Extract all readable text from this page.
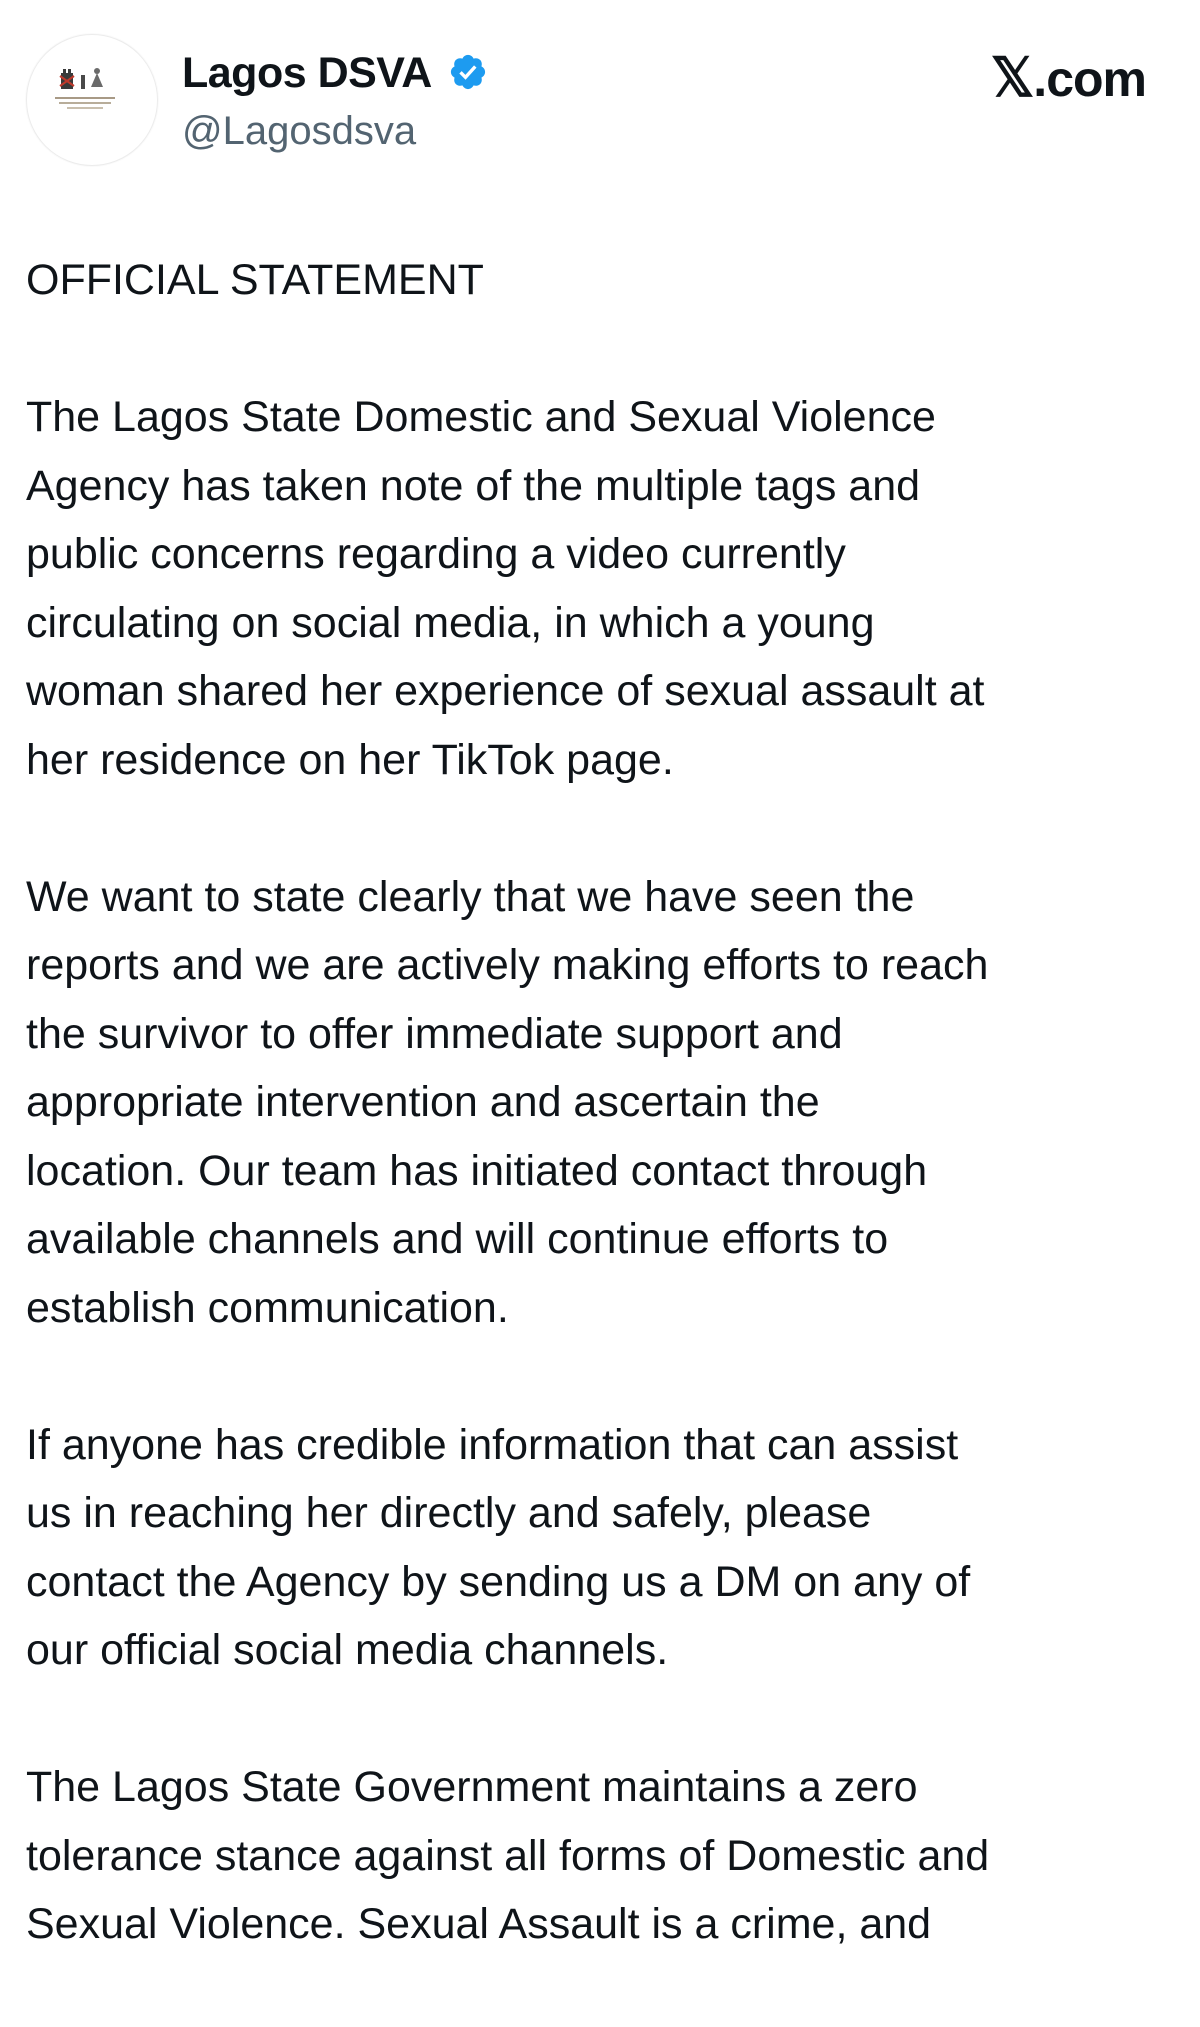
Lagos DSVA
@Lagosdsva
𝕏.com

OFFICIAL STATEMENT

The Lagos State Domestic and Sexual Violence
Agency has taken note of the multiple tags and
public concerns regarding a video currently
circulating on social media, in which a young
woman shared her experience of sexual assault at
her residence on her TikTok page.

We want to state clearly that we have seen the
reports and we are actively making efforts to reach
the survivor to offer immediate support and
appropriate intervention and ascertain the
location. Our team has initiated contact through
available channels and will continue efforts to
establish communication.

If anyone has credible information that can assist
us in reaching her directly and safely, please
contact the Agency by sending us a DM on any of
our official social media channels.

The Lagos State Government maintains a zero
tolerance stance against all forms of Domestic and
Sexual Violence. Sexual Assault is a crime, and
